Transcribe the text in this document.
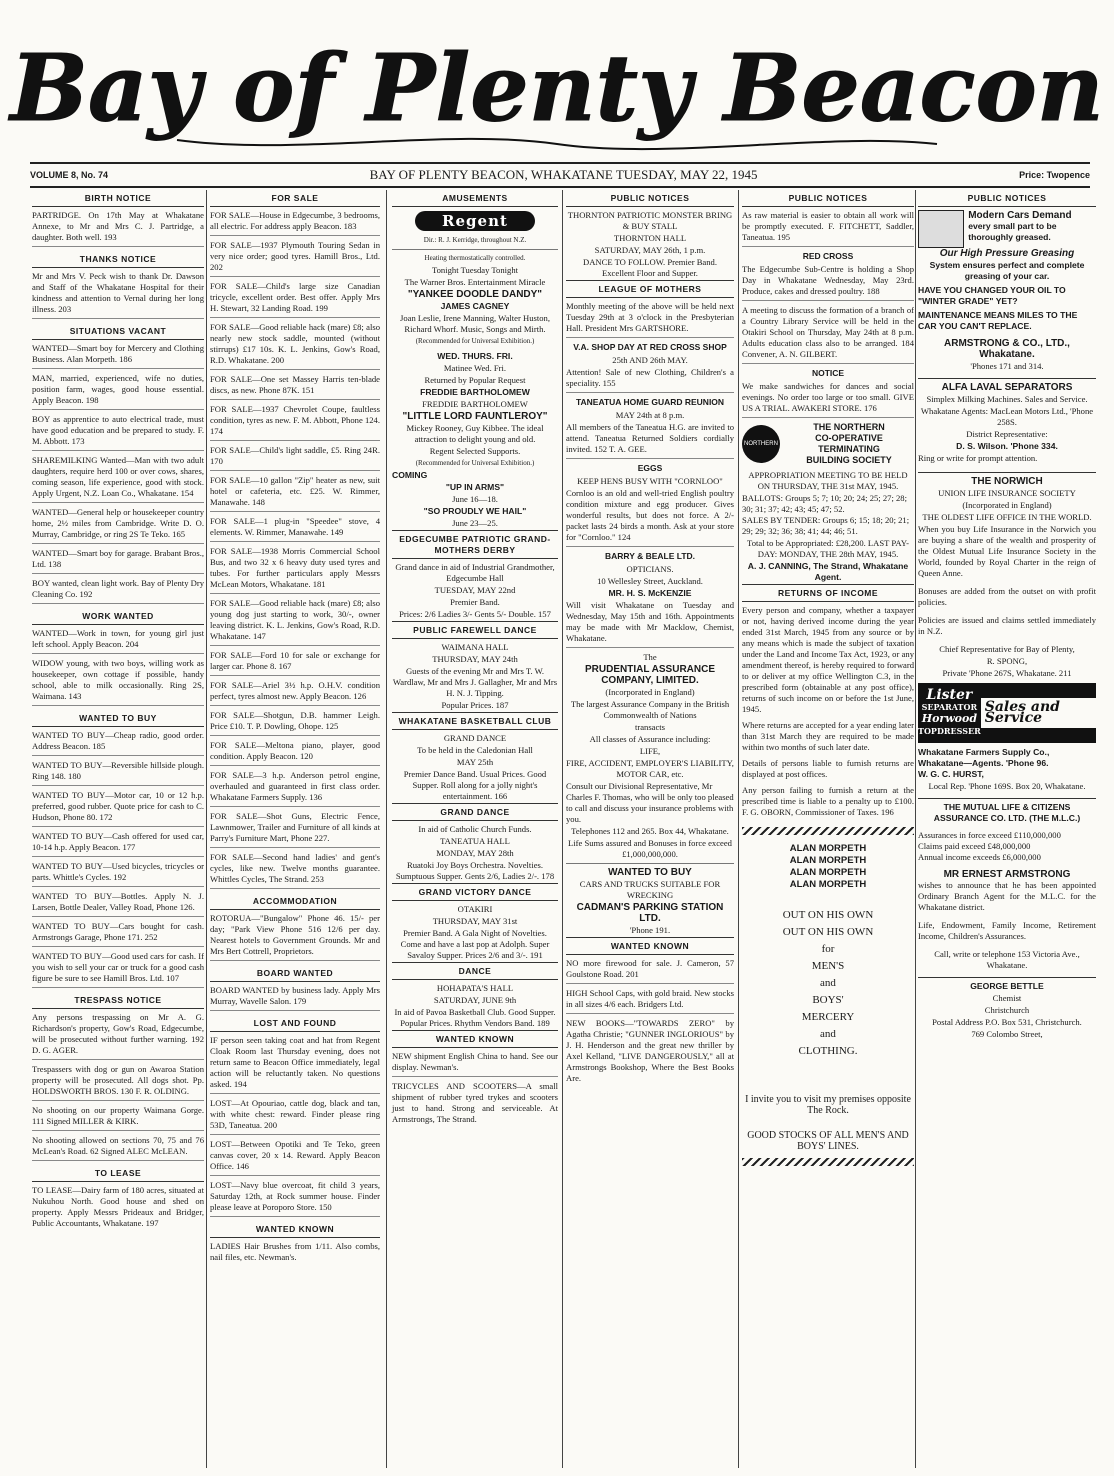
Bay of Plenty Beacon
VOLUME 8, No. 74	BAY OF PLENTY BEACON, WHAKATANE TUESDAY, MAY 22, 1945	Price: Twopence
BIRTH NOTICE

PARTRIDGE. On 17th May at Whakatane Annexe, to Mr and Mrs C. J. Partridge, a daughter. Both well. 193

THANKS NOTICE

Mr and Mrs V. Peck wish to thank Dr. Dawson and Staff of the Whakatane Hospital for their kindness and attention to Vernal during her long illness. 203

SITUATIONS VACANT

WANTED—Smart boy for Mercery and Clothing Business. Alan Morpeth. 186

MAN, married, experienced, wife no duties, position farm, wages, good house essential. Apply Beacon. 198

BOY as apprentice to auto electrical trade, must have good education and be prepared to study. F. M. Abbott. 173

SHAREMILKING Wanted—Man with two adult daughters, require herd 100 or over cows, shares, coming season, life experience, good with stock. Apply Urgent, N.Z. Loan Co., Whakatane. 154

WANTED—General help or housekeeper country home, 2½ miles from Cambridge. Write D. O. Murray, Cambridge, or ring 2S Te Teko. 165

WANTED—Smart boy for garage. Brabant Bros., Ltd. 138

BOY wanted, clean light work. Bay of Plenty Dry Cleaning Co. 192

WORK WANTED

WANTED—Work in town, for young girl just left school. Apply Beacon. 204

WIDOW young, with two boys, willing work as housekeeper, own cottage if possible, handy school, able to milk occasionally. Ring 2S, Waimana. 143

WANTED TO BUY

WANTED TO BUY—Cheap radio, good order. Address Beacon. 185

WANTED TO BUY—Reversible hillside plough. Ring 148. 180

WANTED TO BUY—Motor car, 10 or 12 h.p. preferred, good rubber. Quote price for cash to C. Hudson, Phone 80. 172

WANTED TO BUY—Cash offered for used car, 10-14 h.p. Apply Beacon. 177

WANTED TO BUY—Used bicycles, tricycles or parts. Whittle's Cycles. 192

WANTED TO BUY—Bottles. Apply N. J. Larsen, Bottle Dealer, Valley Road, Phone 126.

WANTED TO BUY—Cars bought for cash. Armstrongs Garage, Phone 171. 252

WANTED TO BUY—Good used cars for cash. If you wish to sell your car or truck for a good cash figure be sure to see Hamill Bros. Ltd. 107

TRESPASS NOTICE

Any persons trespassing on Mr A. G. Richardson's property, Gow's Road, Edgecumbe, will be prosecuted without further warning. 192 D. G. AGER.

Trespassers with dog or gun on Awaroa Station property will be prosecuted. All dogs shot. Pp. HOLDSWORTH BROS. 130 F. R. OLDING.

No shooting on our property Waimana Gorge. 111 Signed MILLER & KIRK.

No shooting allowed on sections 70, 75 and 76 McLean's Road. 62 Signed ALEC McLEAN.

TO LEASE

TO LEASE—Dairy farm of 180 acres, situated at Nukuhou North. Good house and shed on property. Apply Messrs Prideaux and Bridger, Public Accountants, Whakatane. 197

FOR SALE

FOR SALE—House in Edgecumbe, 3 bedrooms, all electric. For address apply Beacon. 183

FOR SALE—1937 Plymouth Touring Sedan in very nice order; good tyres. Hamill Bros., Ltd. 202

FOR SALE—Child's large size Canadian tricycle, excellent order. Best offer. Apply Mrs H. Stewart, 32 Landing Road. 199

FOR SALE—Good reliable hack (mare) £8; also nearly new stock saddle, mounted (without stirrups) £17 10s. K. L. Jenkins, Gow's Road, R.D. Whakatane. 200

FOR SALE—One set Massey Harris ten-blade discs, as new. Phone 87K. 151

FOR SALE—1937 Chevrolet Coupe, faultless condition, tyres as new. F. M. Abbott, Phone 124. 174

FOR SALE—Child's light saddle, £5. Ring 24R. 170

FOR SALE—10 gallon "Zip" heater as new, suit hotel or cafeteria, etc. £25. W. Rimmer, Manawahe. 148

FOR SALE—1 plug-in "Speedee" stove, 4 elements. W. Rimmer, Manawahe. 149

FOR SALE—1938 Morris Commercial School Bus, and two 32 x 6 heavy duty used tyres and tubes. For further particulars apply Messrs McLean Motors, Whakatane. 181

FOR SALE—Good reliable hack (mare) £8; also young dog just starting to work, 30/-, owner leaving district. K. L. Jenkins, Gow's Road, R.D. Whakatane. 147

FOR SALE—Ford 10 for sale or exchange for larger car. Phone 8. 167

FOR SALE—Ariel 3½ h.p. O.H.V. condition perfect, tyres almost new. Apply Beacon. 126

FOR SALE—Shotgun, D.B. hammer Leigh. Price £10. T. P. Dowling, Ohope. 125

FOR SALE—Meltona piano, player, good condition. Apply Beacon. 120

FOR SALE—3 h.p. Anderson petrol engine, overhauled and guaranteed in first class order. Whakatane Farmers Supply. 136

FOR SALE—Shot Guns, Electric Fence, Lawnmower, Trailer and Furniture of all kinds at Parry's Furniture Mart, Phone 227.

FOR SALE—Second hand ladies' and gent's cycles, like new. Twelve months guarantee. Whittles Cycles, The Strand. 253

ACCOMMODATION

ROTORUA—"Bungalow" Phone 46. 15/- per day; "Park View Phone 516 12/6 per day. Nearest hotels to Government Grounds. Mr and Mrs Bert Cottrell, Proprietors.

BOARD WANTED

BOARD WANTED by business lady. Apply Mrs Murray, Wavelle Salon. 179

LOST AND FOUND

IF person seen taking coat and hat from Regent Cloak Room last Thursday evening, does not return same to Beacon Office immediately, legal action will be reluctantly taken. No questions asked. 194

LOST—At Opouriao, cattle dog, black and tan, with white chest: reward. Finder please ring 53D, Taneatua. 200

LOST—Between Opotiki and Te Teko, green canvas cover, 20 x 14. Reward. Apply Beacon Office. 146

LOST—Navy blue overcoat, fit child 3 years, Saturday 12th, at Rock summer house. Finder please leave at Poroporo Store. 150

WANTED KNOWN

LADIES Hair Brushes from 1/11. Also combs, nail files, etc. Newman's.

AMUSEMENTS
Regent
Dir.: R. J. Kerridge, throughout N.Z.
Heating thermostatically controlled.
Tonight Tuesday Tonight
The Warner Bros. Entertainment Miracle
"YANKEE DOODLE DANDY"
JAMES CAGNEY
Joan Leslie, Irene Manning, Walter Huston, Richard Whorf. Music, Songs and Mirth.
(Recommended for Universal Exhibition.)
WED. THURS. FRI.
Matinee Wed. Fri.
Returned by Popular Request
FREDDIE BARTHOLOMEW
FREDDIE BARTHOLOMEW
"LITTLE LORD FAUNTLEROY"
Mickey Rooney, Guy Kibbee. The ideal attraction to delight young and old.
Regent Selected Supports.
(Recommended for Universal Exhibition.)
COMING
"UP IN ARMS"
June 16—18.
"SO PROUDLY WE HAIL"
June 23—25.
EDGECUMBE PATRIOTIC GRAND-MOTHERS DERBY
Grand dance in aid of Industrial Grandmother, Edgecumbe Hall
TUESDAY, MAY 22nd
Premier Band.
Prices: 2/6 Ladies 3/- Gents 5/- Double. 157
PUBLIC FAREWELL DANCE
WAIMANA HALL
THURSDAY, MAY 24th
Guests of the evening Mr and Mrs T. W. Wardlaw, Mr and Mrs J. Gallagher, Mr and Mrs H. N. J. Tipping.
Popular Prices. 187
WHAKATANE BASKETBALL CLUB
GRAND DANCE
To be held in the Caledonian Hall
MAY 25th
Premier Dance Band. Usual Prices. Good Supper. Roll along for a jolly night's entertainment. 166
GRAND DANCE
In aid of Catholic Church Funds.
TANEATUA HALL
MONDAY, MAY 28th
Ruatoki Joy Boys Orchestra. Novelties. Sumptuous Supper. Gents 2/6, Ladies 2/-. 178
GRAND VICTORY DANCE
OTAKIRI
THURSDAY, MAY 31st
Premier Band. A Gala Night of Novelties. Come and have a last pop at Adolph. Super Savaloy Supper. Prices 2/6 and 3/-. 191
DANCE
HOHAPATA'S HALL
SATURDAY, JUNE 9th
In aid of Pavoa Basketball Club. Good Supper. Popular Prices. Rhythm Vendors Band. 189
WANTED KNOWN

NEW shipment English China to hand. See our display. Newman's.

TRICYCLES AND SCOOTERS—A small shipment of rubber tyred trykes and scooters just to hand. Strong and serviceable. At Armstrongs, The Strand.

PUBLIC NOTICES
THORNTON PATRIOTIC MONSTER BRING & BUY STALL
THORNTON HALL
SATURDAY, MAY 26th, 1 p.m.
DANCE TO FOLLOW. Premier Band. Excellent Floor and Supper.
LEAGUE OF MOTHERS

Monthly meeting of the above will be held next Tuesday 29th at 3 o'clock in the Presbyterian Hall. President Mrs GARTSHORE.

V.A. SHOP DAY AT RED CROSS SHOP
25th AND 26th MAY.

Attention! Sale of new Clothing, Children's a speciality. 155

TANEATUA HOME GUARD REUNION
MAY 24th at 8 p.m.

All members of the Taneatua H.G. are invited to attend. Taneatua Returned Soldiers cordially invited. 152 T. A. GEE.

EGGS
KEEP HENS BUSY WITH "CORNLOO"

Cornloo is an old and well-tried English poultry condition mixture and egg producer. Gives wonderful results, but does not force. A 2/- packet lasts 24 birds a month. Ask at your store for "Cornloo." 124

BARRY & BEALE LTD.
OPTICIANS.
10 Wellesley Street, Auckland.
MR. H. S. McKENZIE

Will visit Whakatane on Tuesday and Wednesday, May 15th and 16th. Appointments may be made with Mr Macklow, Chemist, Whakatane.

The
PRUDENTIAL ASSURANCE COMPANY, LIMITED.
(Incorporated in England)
The largest Assurance Company in the British Commonwealth of Nations
transacts
All classes of Assurance including:
LIFE,
FIRE, ACCIDENT, EMPLOYER'S LIABILITY, MOTOR CAR, etc.
Consult our Divisional Representative, Mr Charles F. Thomas, who will be only too pleased to call and discuss your insurance problems with you.
Telephones 112 and 265. Box 44, Whakatane.
Life Sums assured and Bonuses in force exceed £1,000,000,000.
WANTED TO BUY
CARS AND TRUCKS SUITABLE FOR WRECKING
CADMAN'S PARKING STATION LTD.
'Phone 191.
WANTED KNOWN

NO more firewood for sale. J. Cameron, 57 Goulstone Road. 201

HIGH School Caps, with gold braid. New stocks in all sizes 4/6 each. Bridgers Ltd.

NEW BOOKS—"TOWARDS ZERO" by Agatha Christie; "GUNNER INGLORIOUS" by J. H. Henderson and the great new thriller by Axel Kelland, "LIVE DANGEROUSLY," all at Armstrongs Bookshop, Where the Best Books Are.

PUBLIC NOTICES

As raw material is easier to obtain all work will be promptly executed. F. FITCHETT, Saddler, Taneatua. 195

RED CROSS

The Edgecumbe Sub-Centre is holding a Shop Day in Whakatane Wednesday, May 23rd. Produce, cakes and dressed poultry. 188

A meeting to discuss the formation of a branch of a Country Library Service will be held in the Otakiri School on Thursday, May 24th at 8 p.m. Adults education class also to be arranged. 184 Convener, A. N. GILBERT.

NOTICE

We make sandwiches for dances and social evenings. No order too large or too small. GIVE US A TRIAL. AWAKERI STORE. 176

NORTHERN
THE NORTHERN
CO-OPERATIVE
TERMINATING
BUILDING SOCIETY
APPROPRIATION MEETING TO BE HELD ON THURSDAY, THE 31st MAY, 1945.
BALLOTS: Groups 5; 7; 10; 20; 24; 25; 27; 28; 30; 31; 37; 42; 43; 45; 47; 52.
SALES BY TENDER: Groups 6; 15; 18; 20; 21; 29; 29; 32; 36; 38; 41; 44; 46; 51.
Total to be Appropriated: £28,200. LAST PAY-DAY: MONDAY, THE 28th MAY, 1945.
A. J. CANNING, The Strand, Whakatane Agent.
RETURNS OF INCOME

Every person and company, whether a taxpayer or not, having derived income during the year ended 31st March, 1945 from any source or by any means which is made the subject of taxation under the Land and Income Tax Act, 1923, or any amendment thereof, is hereby required to forward to or deliver at my office Wellington C.3, in the prescribed form (obtainable at any post office), returns of such income on or before the 1st June, 1945.

Where returns are accepted for a year ending later than 31st March they are required to be made within two months of such later date.

Details of persons liable to furnish returns are displayed at post offices.

Any person failing to furnish a return at the prescribed time is liable to a penalty up to £100. F. G. OBORN, Commissioner of Taxes. 196

ALAN MORPETH
ALAN MORPETH
ALAN MORPETH
ALAN MORPETH
OUT ON HIS OWN
OUT ON HIS OWN
for
MEN'S
and
BOYS'
MERCERY
and
CLOTHING.
I invite you to visit my premises opposite The Rock.
GOOD STOCKS OF ALL MEN'S AND BOYS' LINES.
PUBLIC NOTICES
Modern Cars Demand
every small part to be thoroughly greased.
Our High Pressure Greasing
System ensures perfect and complete greasing of your car.
HAVE YOU CHANGED YOUR OIL TO "WINTER GRADE" YET?
MAINTENANCE MEANS MILES TO THE CAR YOU CAN'T REPLACE.
ARMSTRONG & CO., LTD., Whakatane.
'Phones 171 and 314.
ALFA LAVAL SEPARATORS
Simplex Milking Machines. Sales and Service.
Whakatane Agents: MacLean Motors Ltd., 'Phone 258S.
District Representative:
D. S. Wilson. 'Phone 334.
Ring or write for prompt attention.
THE NORWICH
UNION LIFE INSURANCE SOCIETY
(Incorporated in England)
THE OLDEST LIFE OFFICE IN THE WORLD.

When you buy Life Insurance in the Norwich you are buying a share of the wealth and prosperity of the Oldest Mutual Life Insurance Society in the World, founded by Royal Charter in the reign of Queen Anne.

Bonuses are added from the outset on with profit policies.

Policies are issued and claims settled immediately in N.Z.

Chief Representative for Bay of Plenty,
R. SPONG,
Private 'Phone 267S, Whakatane. 211
Lister
SEPARATOR
Horwood
TOPDRESSER
Sales and Service
Whakatane Farmers Supply Co., Whakatane—Agents. 'Phone 96.
W. G. C. HURST,
Local Rep. 'Phone 169S. Box 20, Whakatane.
THE MUTUAL LIFE & CITIZENS ASSURANCE CO. LTD. (THE M.L.C.)
Assurances in force exceed £110,000,000
Claims paid exceed £48,000,000
Annual income exceeds £6,000,000
MR ERNEST ARMSTRONG

wishes to announce that he has been appointed Ordinary Branch Agent for the M.L.C. for the Whakatane district.

Life, Endowment, Family Income, Retirement Income, Children's Assurances.

Call, write or telephone 153 Victoria Ave., Whakatane.
GEORGE BETTLE
Chemist
Christchurch
Postal Address P.O. Box 531, Christchurch.
769 Colombo Street,
